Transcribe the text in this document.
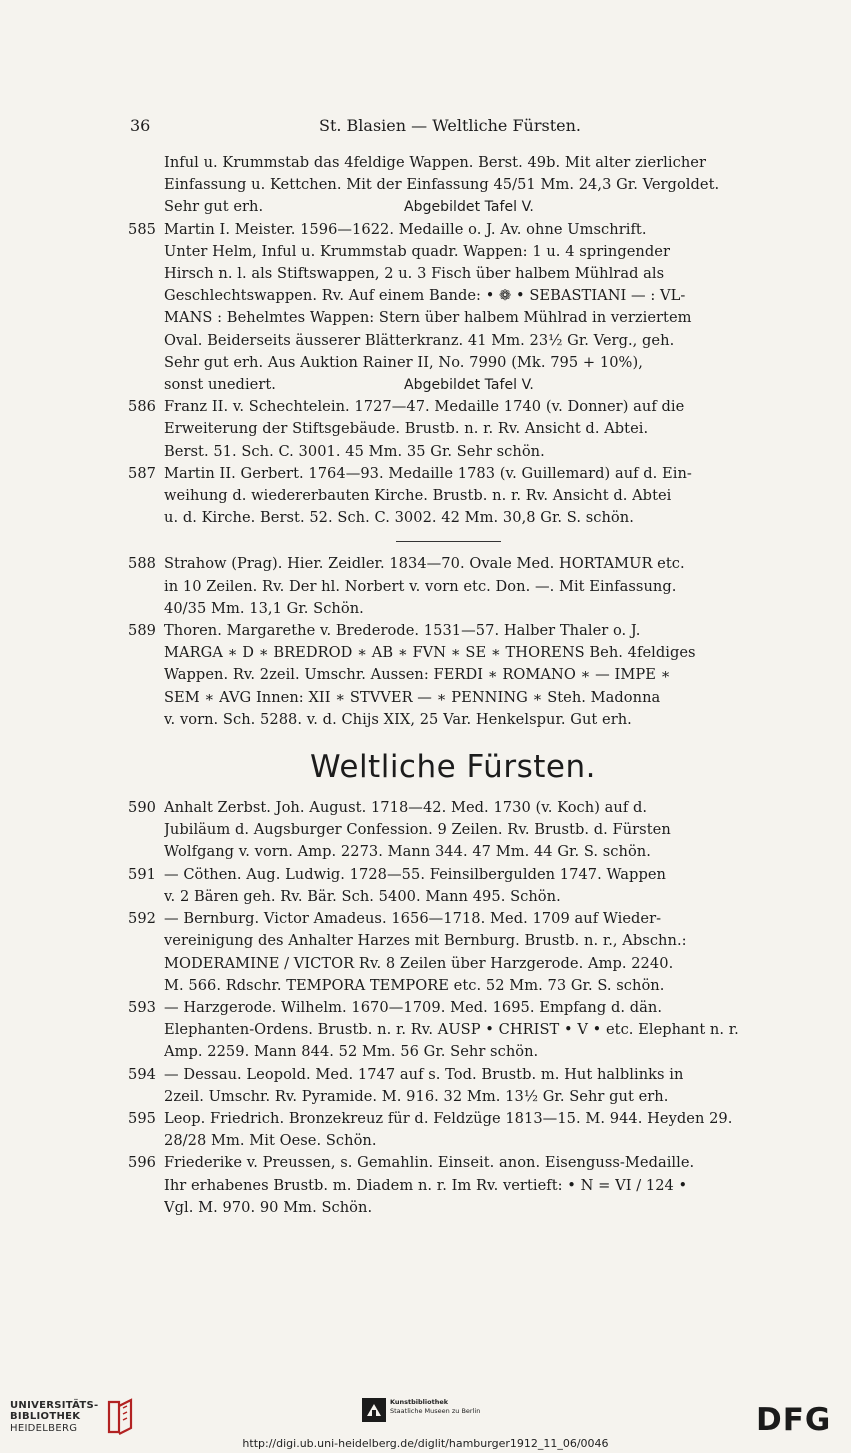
36	St. Blasien — Weltliche Fürsten.
Inful u. Krummstab das 4feldige Wappen. Berst. 49b. Mit alter zierlicher
Einfassung u. Kettchen. Mit der Einfassung 45/51 Mm. 24,3 Gr. Vergoldet.
Sehr gut erh.	Abgebildet Tafel V.
585 Martin I. Meister. 1596—1622. Medaille o. J. Av. ohne Umschrift.
Unter Helm, Inful u. Krummstab quadr. Wappen: 1 u. 4 springender
Hirsch n. l. als Stiftswappen, 2 u. 3 Fisch über halbem Mühlrad als
Geschlechtswappen. Rv. Auf einem Bande: • ❁ • SEBASTIANI — : VL-
MANS : Behelmtes Wappen: Stern über halbem Mühlrad in verziertem
Oval. Beiderseits äusserer Blätterkranz. 41 Mm. 23½ Gr. Verg., geh.
Sehr gut erh. Aus Auktion Rainer II, No. 7990 (Mk. 795 + 10%),
sonst unediert.	Abgebildet Tafel V.
586 Franz II. v. Schechtelein. 1727—47. Medaille 1740 (v. Donner) auf die
Erweiterung der Stiftsgebäude. Brustb. n. r. Rv. Ansicht d. Abtei.
Berst. 51. Sch. C. 3001. 45 Mm. 35 Gr. Sehr schön.
587 Martin II. Gerbert. 1764—93. Medaille 1783 (v. Guillemard) auf d. Ein-
weihung d. wiedererbauten Kirche. Brustb. n. r. Rv. Ansicht d. Abtei
u. d. Kirche. Berst. 52. Sch. C. 3002. 42 Mm. 30,8 Gr. S. schön.
588 Strahow (Prag). Hier. Zeidler. 1834—70. Ovale Med. HORTAMUR etc.
in 10 Zeilen. Rv. Der hl. Norbert v. vorn etc. Don. —. Mit Einfassung.
40/35 Mm. 13,1 Gr. Schön.
589 Thoren. Margarethe v. Brederode. 1531—57. Halber Thaler o. J.
MARGA ∗ D ∗ BREDROD ∗ AB ∗ FVN ∗ SE ∗ THORENS Beh. 4feldiges
Wappen. Rv. 2zeil. Umschr. Aussen: FERDI ∗ ROMANO ∗ — IMPE ∗
SEM ∗ AVG Innen: XII ∗ STVVER — ∗ PENNING ∗ Steh. Madonna
v. vorn. Sch. 5288. v. d. Chijs XIX, 25 Var. Henkelspur. Gut erh.
Weltliche Fürsten.
590 Anhalt Zerbst. Joh. August. 1718—42. Med. 1730 (v. Koch) auf d.
Jubiläum d. Augsburger Confession. 9 Zeilen. Rv. Brustb. d. Fürsten
Wolfgang v. vorn. Amp. 2273. Mann 344. 47 Mm. 44 Gr. S. schön.
591 — Cöthen. Aug. Ludwig. 1728—55. Feinsilbergulden 1747. Wappen
v. 2 Bären geh. Rv. Bär. Sch. 5400. Mann 495. Schön.
592 — Bernburg. Victor Amadeus. 1656—1718. Med. 1709 auf Wieder-
vereinigung des Anhalter Harzes mit Bernburg. Brustb. n. r., Abschn.:
MODERAMINE / VICTOR Rv. 8 Zeilen über Harzgerode. Amp. 2240.
M. 566. Rdschr. TEMPORA TEMPORE etc. 52 Mm. 73 Gr. S. schön.
593 — Harzgerode. Wilhelm. 1670—1709. Med. 1695. Empfang d. dän.
Elephanten-Ordens. Brustb. n. r. Rv. AUSP • CHRIST • V • etc. Elephant n. r.
Amp. 2259. Mann 844. 52 Mm. 56 Gr. Sehr schön.
594 — Dessau. Leopold. Med. 1747 auf s. Tod. Brustb. m. Hut halblinks in
2zeil. Umschr. Rv. Pyramide. M. 916. 32 Mm. 13½ Gr. Sehr gut erh.
595 Leop. Friedrich. Bronzekreuz für d. Feldzüge 1813—15. M. 944. Heyden 29.
28/28 Mm. Mit Oese. Schön.
596 Friederike v. Preussen, s. Gemahlin. Einseit. anon. Eisenguss-Medaille.
Ihr erhabenes Brustb. m. Diadem n. r. Im Rv. vertieft: • N = VI / 124 •
Vgl. M. 970. 90 Mm. Schön.
UNIVERSITÄTS-
BIBLIOTHEK
HEIDELBERG
Kunstbibliothek
Staatliche Museen zu Berlin	DFG
http://digi.ub.uni-heidelberg.de/diglit/hamburger1912_11_06/0046
